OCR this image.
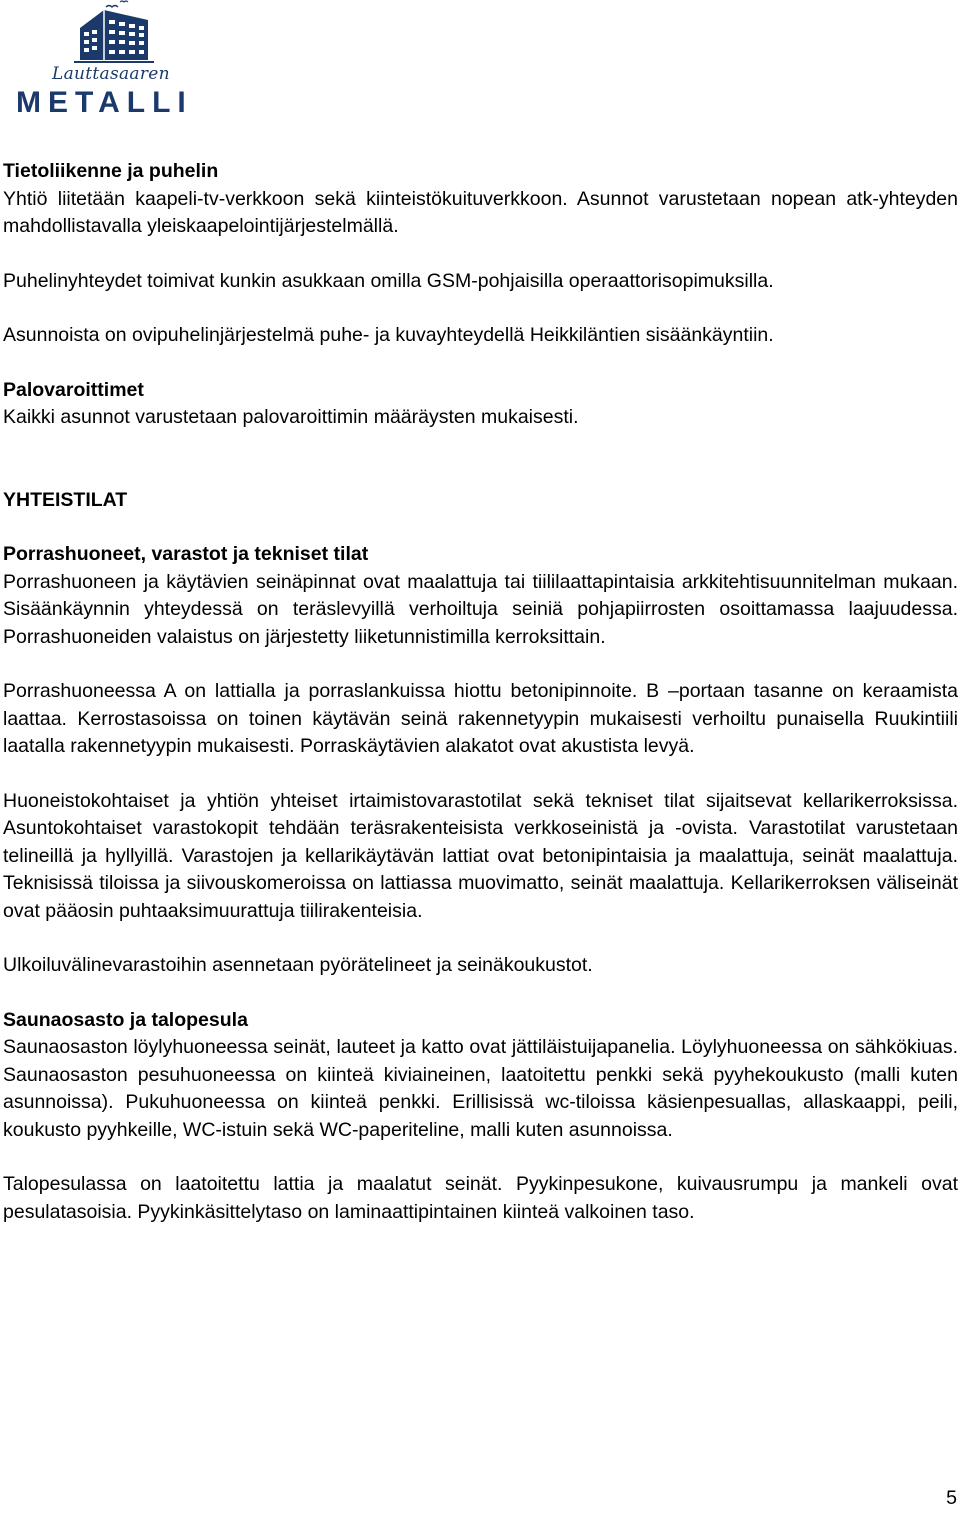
Lauttasaaren
METALLI
Tietoliikenne ja puhelin

Yhtiö liitetään kaapeli-tv-verkkoon sekä kiinteistökuituverkkoon. Asunnot varustetaan nopean atk-yhteyden mahdollistavalla yleiskaapelointijärjestelmällä.

Puhelinyhteydet toimivat kunkin asukkaan omilla GSM-pohjaisilla operaattorisopimuksilla.

Asunnoista on ovipuhelinjärjestelmä puhe- ja kuvayhteydellä Heikkiläntien sisäänkäyntiin.

Palovaroittimet

Kaikki asunnot varustetaan palovaroittimin määräysten mukaisesti.

YHTEISTILAT
Porrashuoneet, varastot ja tekniset tilat

Porrashuoneen ja käytävien seinäpinnat ovat maalattuja tai tiililaattapintaisia arkkitehtisuunnitelman mukaan. Sisäänkäynnin yhteydessä on teräslevyillä verhoiltuja seiniä pohjapiirrosten osoittamassa laajuudessa. Porrashuoneiden valaistus on järjestetty liiketunnistimilla kerroksittain.

Porrashuoneessa A on lattialla ja porraslankuissa hiottu betonipinnoite. B –portaan tasanne on keraamista laattaa. Kerrostasoissa on toinen käytävän seinä rakennetyypin mukaisesti verhoiltu punaisella Ruukintiili laatalla rakennetyypin mukaisesti. Porraskäytävien alakatot ovat akustista levyä.

Huoneistokohtaiset ja yhtiön yhteiset irtaimistovarastotilat sekä tekniset tilat sijaitsevat kellarikerroksissa. Asuntokohtaiset varastokopit tehdään teräsrakenteisista verkkoseinistä ja -ovista. Varastotilat varustetaan telineillä ja hyllyillä. Varastojen ja kellarikäytävän lattiat ovat betonipintaisia ja maalattuja, seinät maalattuja. Teknisissä tiloissa ja siivouskomeroissa on lattiassa muovimatto, seinät maalattuja. Kellarikerroksen väliseinät ovat pääosin puhtaaksimuurattuja tiilirakenteisia.

Ulkoiluvälinevarastoihin asennetaan pyörätelineet ja seinäkoukustot.

Saunaosasto ja talopesula

Saunaosaston löylyhuoneessa seinät, lauteet ja katto ovat jättiläistuijapanelia. Löylyhuoneessa on sähkökiuas. Saunaosaston pesuhuoneessa on kiinteä kiviaineinen, laatoitettu penkki sekä pyyhekoukusto (malli kuten asunnoissa). Pukuhuoneessa on kiinteä penkki. Erillisissä wc-tiloissa käsienpesuallas, allaskaappi, peili, koukusto pyyhkeille, WC-istuin sekä WC-paperiteline, malli kuten asunnoissa.

Talopesulassa on laatoitettu lattia ja maalatut seinät. Pyykinpesukone, kuivausrumpu ja mankeli ovat pesulatasoisia. Pyykinkäsittelytaso on laminaattipintainen kiinteä valkoinen taso.

5
